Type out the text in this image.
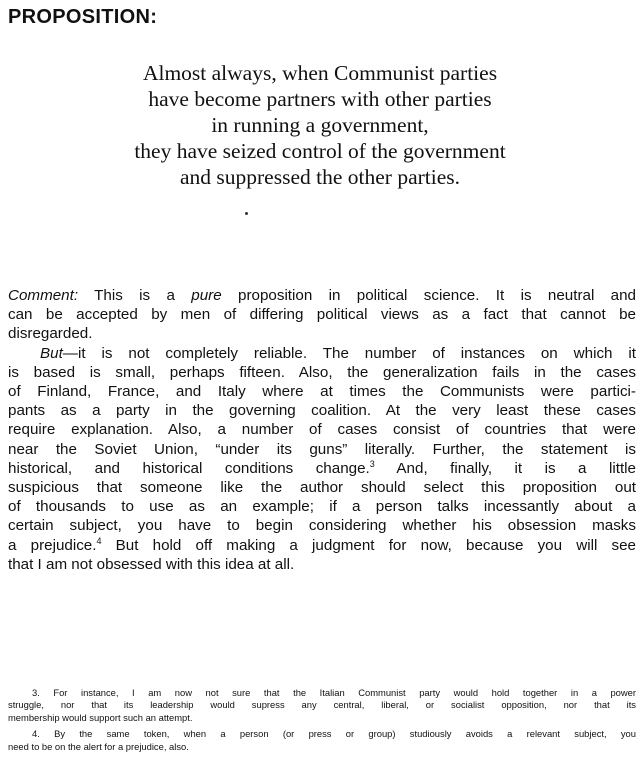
PROPOSITION:
Almost always, when Communist parties
have become partners with other parties
in running a government,
they have seized control of the government
and suppressed the other parties.
Comment: This is a pure proposition in political science. It is neutral and
can be accepted by men of differing political views as a fact that cannot be
disregarded.
But—it is not completely reliable. The number of instances on which it
is based is small, perhaps fifteen. Also, the generalization fails in the cases
of Finland, France, and Italy where at times the Communists were partici-
pants as a party in the governing coalition. At the very least these cases
require explanation. Also, a number of cases consist of countries that were
near the Soviet Union, “under its guns” literally. Further, the statement is
historical, and historical conditions change.$^3$ And, finally, it is a little
suspicious that someone like the author should select this proposition out
of thousands to use as an example; if a person talks incessantly about a
certain subject, you have to begin considering whether his obsession masks
a prejudice.$^4$ But hold off making a judgment for now, because you will see
that I am not obsessed with this idea at all.
3. For instance, I am now not sure that the Italian Communist party would hold together in a power
struggle, nor that its leadership would supress any central, liberal, or socialist opposition, nor that its
membership would support such an attempt.
4. By the same token, when a person (or press or group) studiously avoids a relevant subject, you
need to be on the alert for a prejudice, also.
